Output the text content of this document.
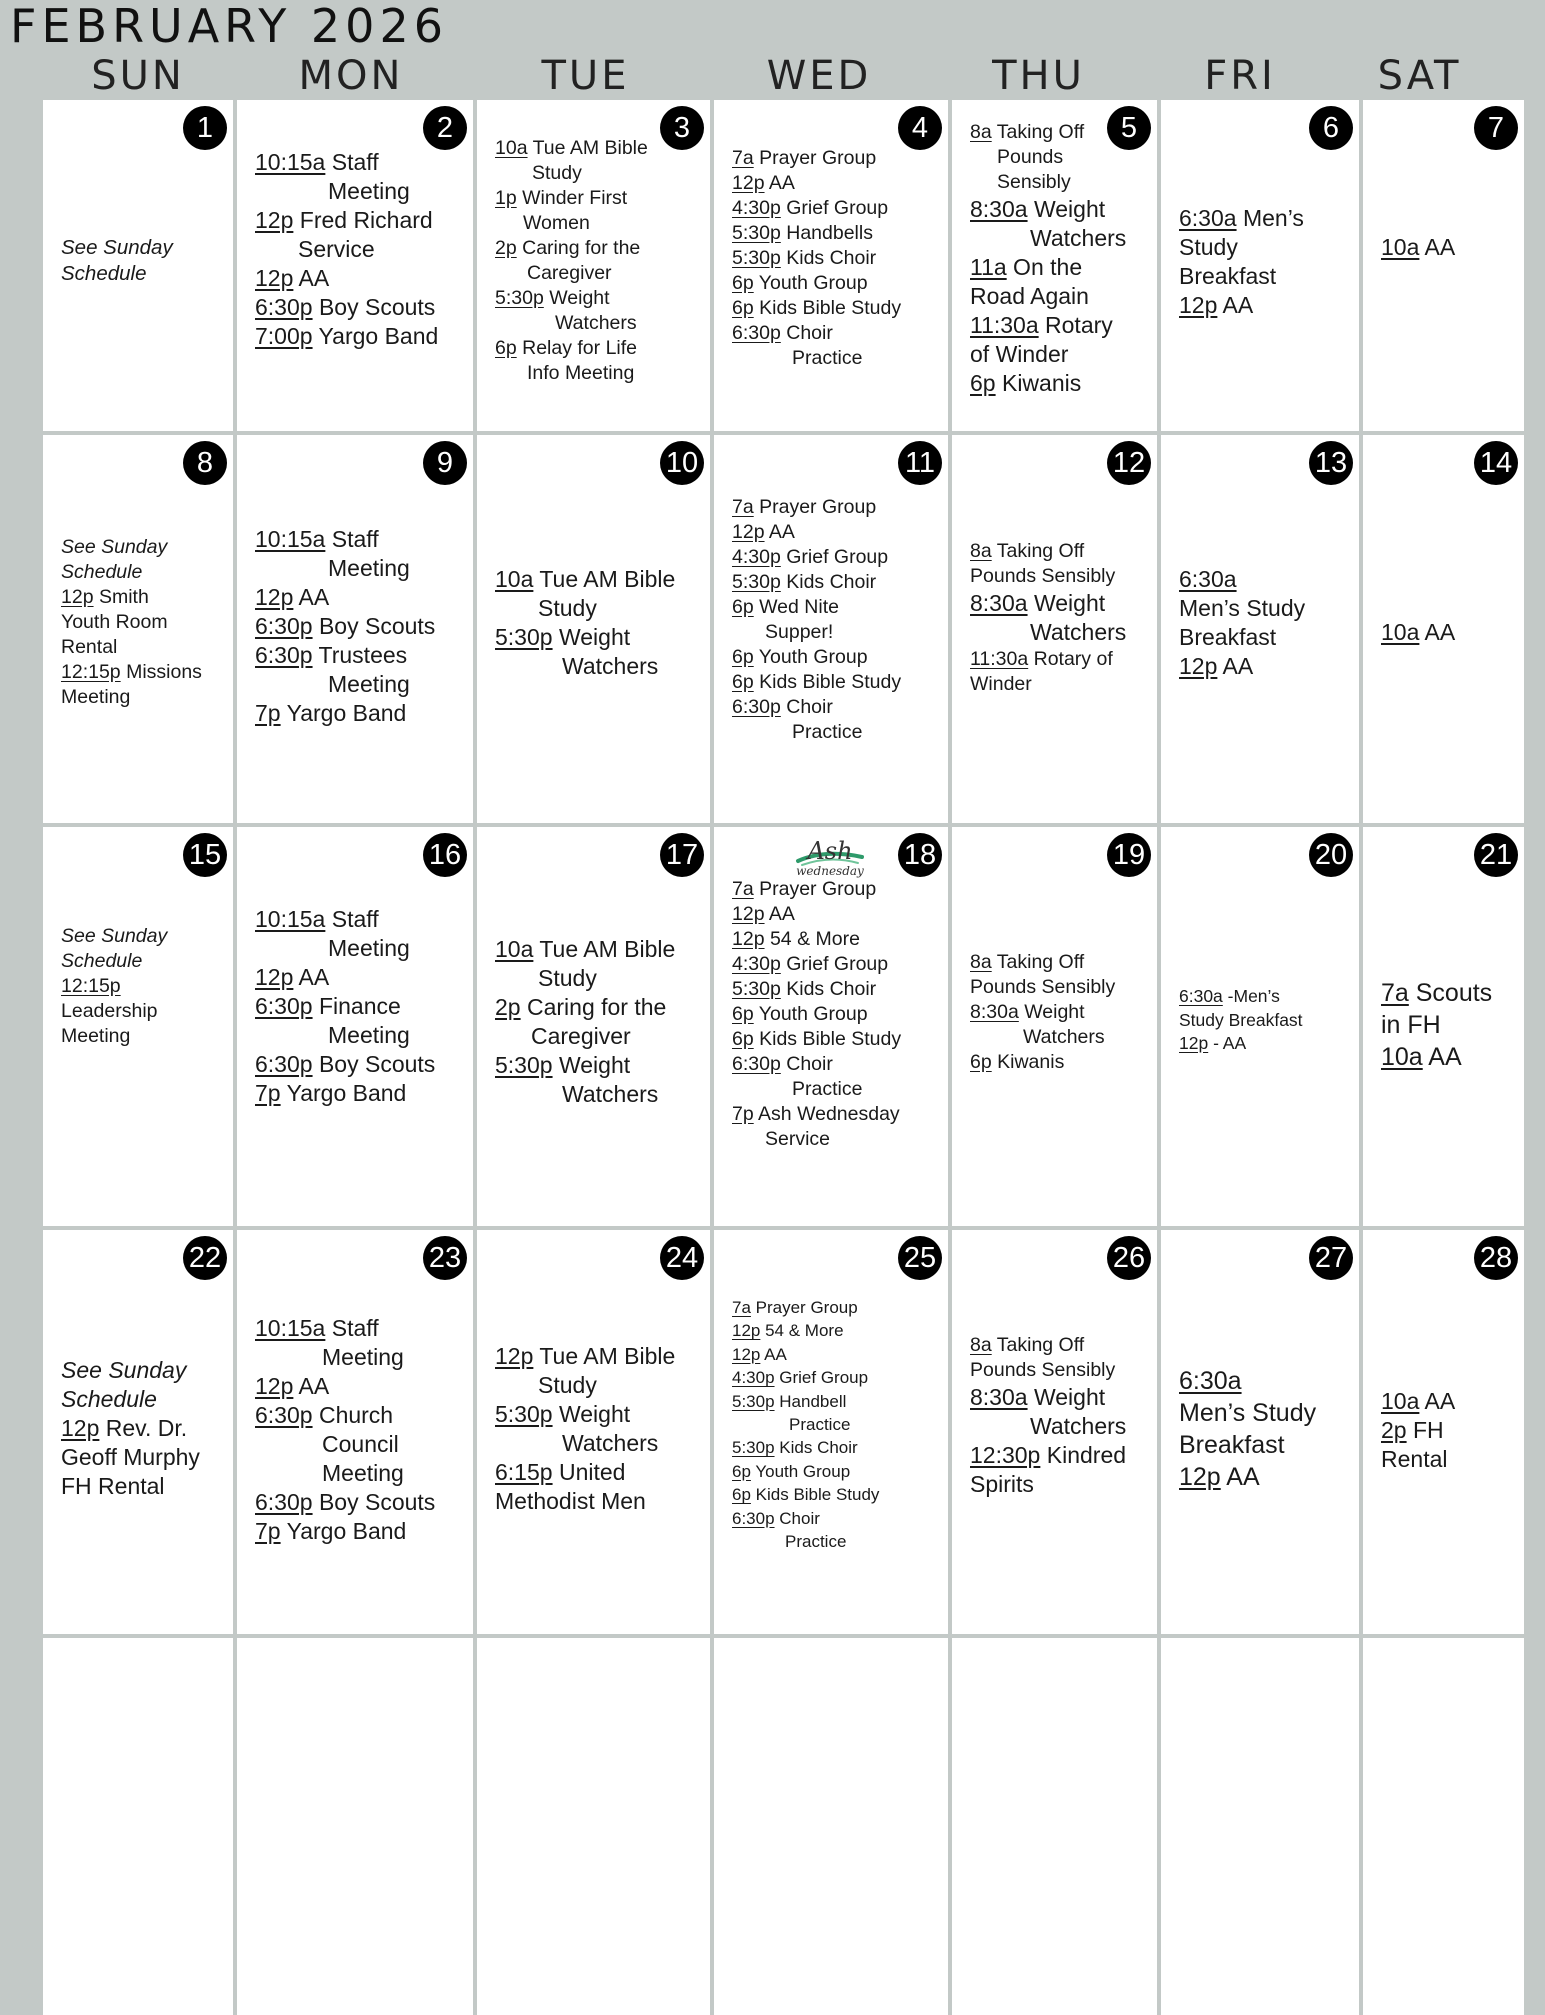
FEBRUARY 2026
SUN	MON	TUE	WED	THU	FRI	SAT
1
See Sunday
Schedule
2
10:15a Staff
Meeting
12p Fred Richard
Service
12p AA
6:30p Boy Scouts
7:00p Yargo Band
3
10a Tue AM Bible
Study
1p Winder First
Women
2p Caring for the
Caregiver
5:30p Weight
Watchers
6p Relay for Life
Info Meeting
4
7a Prayer Group
12p AA
4:30p Grief Group
5:30p Handbells
5:30p Kids Choir
6p Youth Group
6p Kids Bible Study
6:30p Choir
Practice
5
8a Taking Off
Pounds
Sensibly
8:30a Weight
Watchers
11a On the
Road Again
11:30a Rotary
of Winder
6p Kiwanis
6
6:30a Men’s
Study
Breakfast
12p AA
7
10a AA
8
See Sunday
Schedule
12p Smith
Youth Room
Rental
12:15p Missions
Meeting
9
10:15a Staff
Meeting
12p AA
6:30p Boy Scouts
6:30p Trustees
Meeting
7p Yargo Band
10
10a Tue AM Bible
Study
5:30p Weight
Watchers
11
7a Prayer Group
12p AA
4:30p Grief Group
5:30p Kids Choir
6p Wed Nite
Supper!
6p Youth Group
6p Kids Bible Study
6:30p Choir
Practice
12
8a Taking Off
Pounds Sensibly
8:30a Weight
Watchers
11:30a Rotary of
Winder
13
6:30a
Men’s Study
Breakfast
12p AA
14
10a AA
15
See Sunday
Schedule
12:15p
Leadership
Meeting
16
10:15a Staff
Meeting
12p AA
6:30p Finance
Meeting
6:30p Boy Scouts
7p Yargo Band
17
10a Tue AM Bible
Study
2p Caring for the
Caregiver
5:30p Weight
Watchers
Ash
wednesday
18
7a Prayer Group
12p AA
12p 54 & More
4:30p Grief Group
5:30p Kids Choir
6p Youth Group
6p Kids Bible Study
6:30p Choir
Practice
7p Ash Wednesday
Service
19
8a Taking Off
Pounds Sensibly
8:30a Weight
Watchers
6p Kiwanis
20
6:30a -Men’s
Study Breakfast
12p - AA
21
7a Scouts
in FH
10a AA
22
See Sunday
Schedule
12p Rev. Dr.
Geoff Murphy
FH Rental
23
10:15a Staff
Meeting
12p AA
6:30p Church
Council
Meeting
6:30p Boy Scouts
7p Yargo Band
24
12p Tue AM Bible
Study
5:30p Weight
Watchers
6:15p United
Methodist Men
25
7a Prayer Group
12p 54 & More
12p AA
4:30p Grief Group
5:30p Handbell
Practice
5:30p Kids Choir
6p Youth Group
6p Kids Bible Study
6:30p Choir
Practice
26
8a Taking Off
Pounds Sensibly
8:30a Weight
Watchers
12:30p Kindred
Spirits
27
6:30a
Men’s Study
Breakfast
12p AA
28
10a AA
2p FH
Rental
